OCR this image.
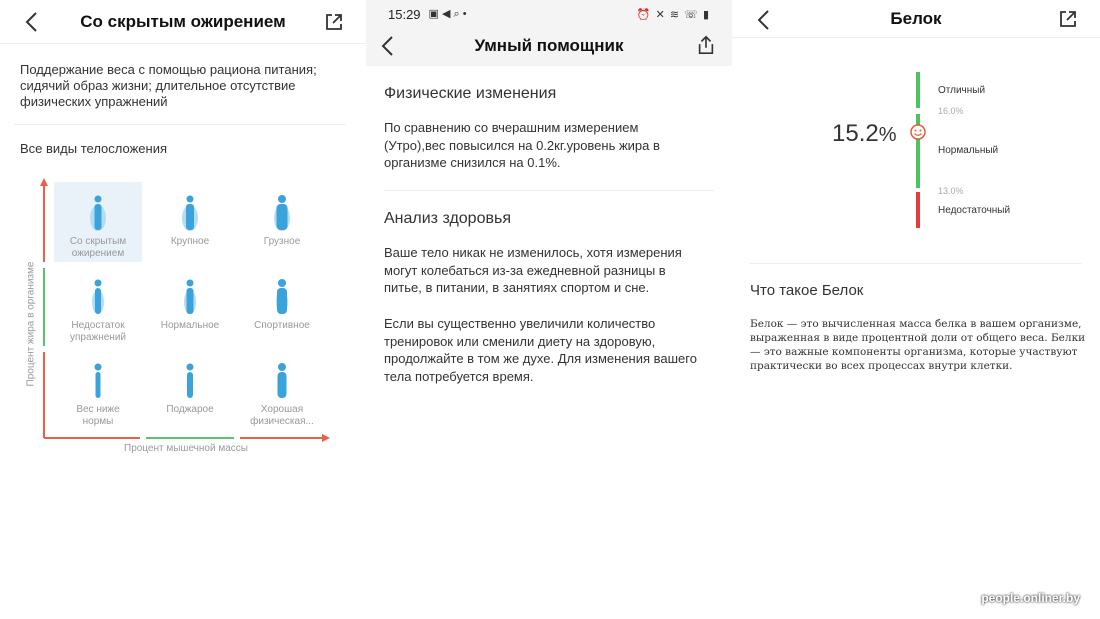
Со скрытым ожирением
Поддержание веса с помощью рациона питания; сидячий образ жизни; длительное отсутствие физических упражнений
Все виды телосложения
Процент жира в организме
Со скрытым
ожирением
Крупное	Грузное

Недостаток
упражнений
Нормальное	Спортивное

Вес ниже
нормы
Поджарое	Хорошая
физическая...
Процент мышечной массы
15:29 ▣ ◀ ⌕ •	⏰ ✕ ≋ ☏ ▮
Умный помощник
Физические изменения
По сравнению со вчерашним измерением (Утро),вес повысился на 0.2кг.уровень жира в организме снизился на 0.1%.
Анализ здоровья
Ваше тело никак не изменилось, хотя измерения могут колебаться из-за ежедневной разницы в питье, в питании, в занятиях спортом и сне.
Если вы существенно увеличили количество тренировок или сменили диету на здоровую, продолжайте в том же духе. Для изменения вашего тела потребуется время.
Белок
15.2%
Отличный
16.0%
Нормальный
13.0%
Недостаточный
Что такое Белок
Белок — это вычисленная масса белка в вашем организме, выраженная в виде процентной доли от общего веса. Белки — это важные компоненты организма, которые участвуют практически во всех процессах внутри клетки.
people.onliner.by
